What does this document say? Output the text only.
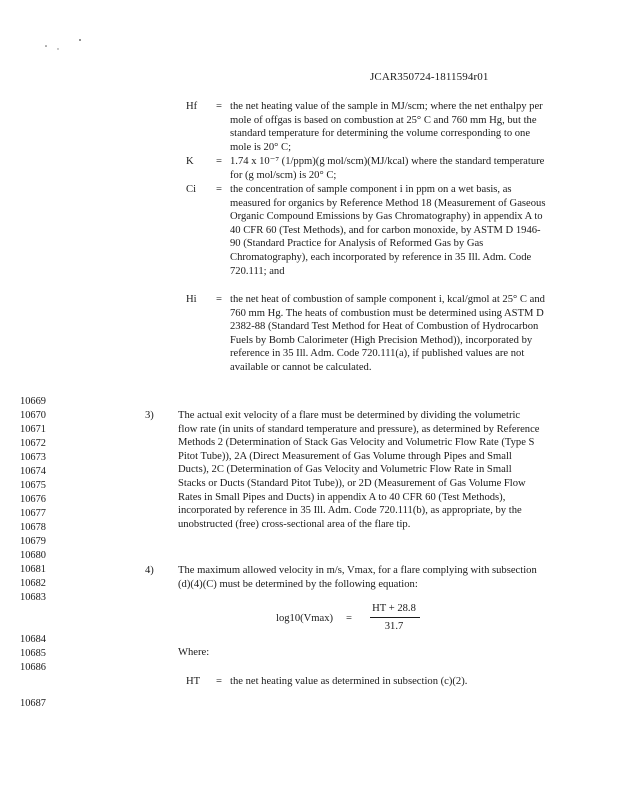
JCAR350724-1811594r01
Hf	= the net heating value of the sample in MJ/scm; where the net enthalpy per mole of offgas is based on combustion at 25° C and 760 mm Hg, but the standard temperature for determining the volume corresponding to one mole is 20° C;
K	= 1.74 x 10⁻⁷ (1/ppm)(g mol/scm)(MJ/kcal) where the standard temperature for (g mol/scm) is 20° C;
Ci	= the concentration of sample component i in ppm on a wet basis, as measured for organics by Reference Method 18 (Measurement of Gaseous Organic Compound Emissions by Gas Chromatography) in appendix A to 40 CFR 60 (Test Methods), and for carbon monoxide, by ASTM D 1946-90 (Standard Practice for Analysis of Reformed Gas by Gas Chromatography), each incorporated by reference in 35 Ill. Adm. Code 720.111; and
Hi	= the net heat of combustion of sample component i, kcal/gmol at 25° C and 760 mm Hg. The heats of combustion must be determined using ASTM D 2382-88 (Standard Test Method for Heat of Combustion of Hydrocarbon Fuels by Bomb Calorimeter (High Precision Method)), incorporated by reference in 35 Ill. Adm. Code 720.111(a), if published values are not available or cannot be calculated.
10669
10670
10671
10672
10673
10674
10675
10676
10677
10678
10679
10680
10681
10682
10683
10684
10685
10686
10687
3) The actual exit velocity of a flare must be determined by dividing the volumetric flow rate (in units of standard temperature and pressure), as determined by Reference Methods 2 (Determination of Stack Gas Velocity and Volumetric Flow Rate (Type S Pitot Tube)), 2A (Direct Measurement of Gas Volume through Pipes and Small Ducts), 2C (Determination of Gas Velocity and Volumetric Flow Rate in Small Stacks or Ducts (Standard Pitot Tube)), or 2D (Measurement of Gas Volume Flow Rates in Small Pipes and Ducts) in appendix A to 40 CFR 60 (Test Methods), incorporated by reference in 35 Ill. Adm. Code 720.111(b), as appropriate, by the unobstructed (free) cross-sectional area of the flare tip.
4) The maximum allowed velocity in m/s, Vmax, for a flare complying with subsection (d)(4)(C) must be determined by the following equation:
log10(Vmax) =
HT + 28.8
31.7
Where:
HT	= the net heating value as determined in subsection (c)(2).
